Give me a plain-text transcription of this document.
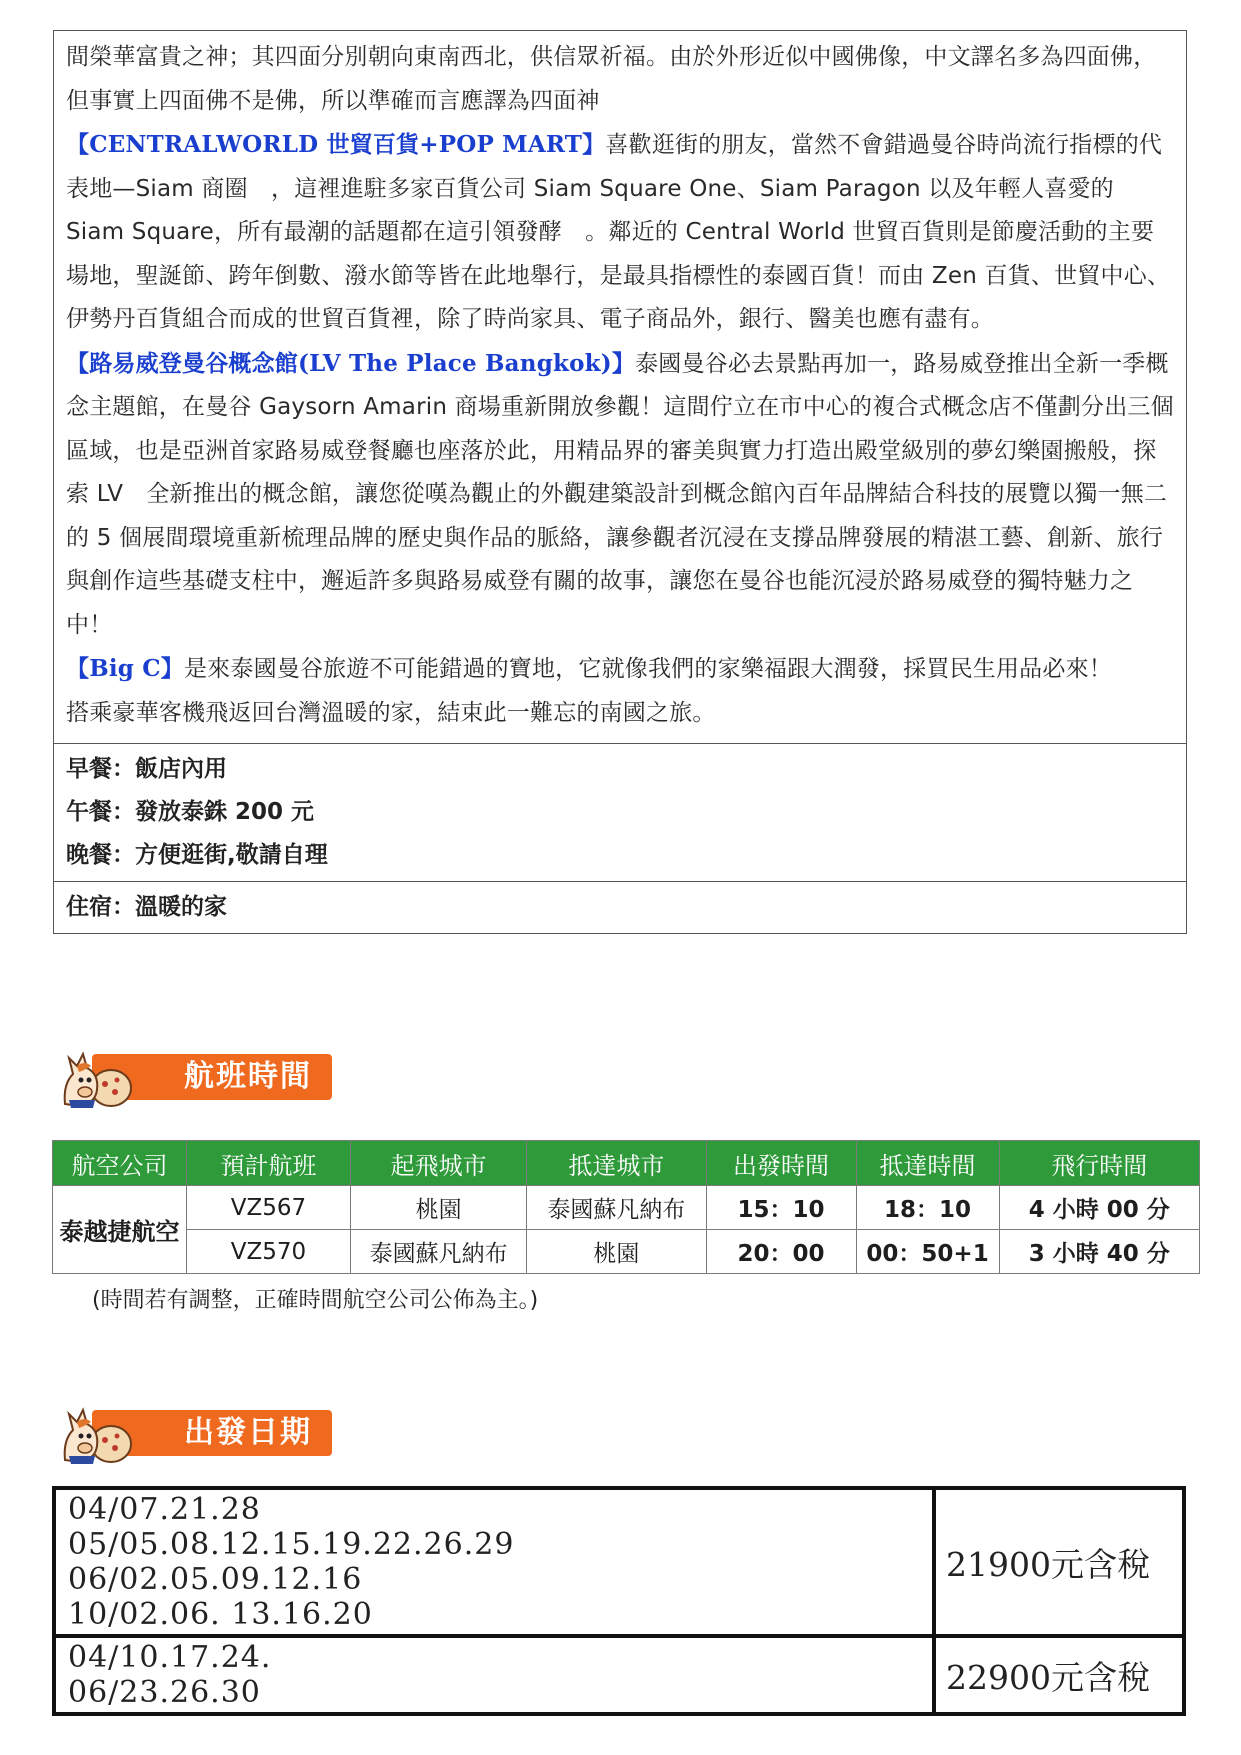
間榮華富貴之神；其四面分別朝向東南西北，供信眾祈福。由於外形近似中國佛像，中文譯名多為四面佛，但事實上四面佛不是佛，所以準確而言應譯為四面神

【CENTRALWORLD 世貿百貨+POP MART】喜歡逛街的朋友，當然不會錯過曼谷時尚流行指標的代表地—Siam 商圈　，這裡進駐多家百貨公司 Siam Square One、Siam Paragon 以及年輕人喜愛的　Siam Square，所有最潮的話題都在這引領發酵　。鄰近的 Central World 世貿百貨則是節慶活動的主要場地，聖誕節、跨年倒數、潑水節等皆在此地舉行，是最具指標性的泰國百貨！而由 Zen 百貨、世貿中心、伊勢丹百貨組合而成的世貿百貨裡，除了時尚家具、電子商品外，銀行、醫美也應有盡有。

【路易威登曼谷概念館(LV The Place Bangkok)】泰國曼谷必去景點再加一，路易威登推出全新一季概念主題館，在曼谷 Gaysorn Amarin 商場重新開放參觀！這間佇立在市中心的複合式概念店不僅劃分出三個區域，也是亞洲首家路易威登餐廳也座落於此，用精品界的審美與實力打造出殿堂級別的夢幻樂園搬般，探索 LV　全新推出的概念館，讓您從嘆為觀止的外觀建築設計到概念館內百年品牌結合科技的展覽以獨一無二的 5 個展間環境重新梳理品牌的歷史與作品的脈絡，讓參觀者沉浸在支撐品牌發展的精湛工藝、創新、旅行與創作這些基礎支柱中，邂逅許多與路易威登有關的故事，讓您在曼谷也能沉浸於路易威登的獨特魅力之中！

【Big C】是來泰國曼谷旅遊不可能錯過的寶地，它就像我們的家樂福跟大潤發，採買民生用品必來！

搭乘豪華客機飛返回台灣溫暖的家，結束此一難忘的南國之旅。

早餐：飯店內用
午餐：發放泰銖 200 元
晚餐：方便逛街,敬請自理
住宿：溫暖的家
航班時間
航空公司	預計航班	起飛城市	抵達城市	出發時間	抵達時間	飛行時間
泰越捷航空	VZ567	桃園	泰國蘇凡納布	15：10	18：10	4 小時 00 分
	VZ570	泰國蘇凡納布	桃園	20：00	00：50+1	3 小時 40 分
(時間若有調整，正確時間航空公司公佈為主。)
出發日期
04/07.21.28
05/05.08.12.15.19.22.26.29
06/02.05.09.12.16
10/02.06. 13.16.20	21900元含稅

04/10.17.24.
06/23.26.30	22900元含稅
